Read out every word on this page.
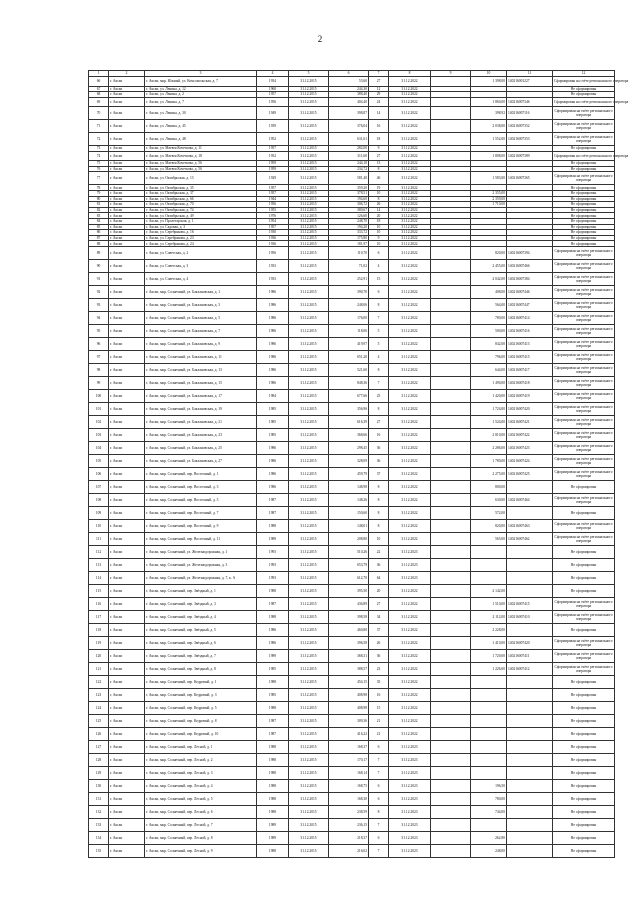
2
1	2	3	4	5	6	7	8	9	10	11	12
66	г. Аксаи	г. Аксаи, мкр. Южный, ул. Комсомольская, д. 7	1934	31.12.2015	53,60	27	31.12.2022		1 398,00	140216001227	Сформирован на счёте регионального оператора
67	г. Аксаи	г. Аксаи, ул. Ленина, д. 12	1960	31.12.2015	244,30	12	31.12.2022				Не сформирован
68	г. Аксаи	г. Аксаи, ул. Ленина, д. 2	1957	31.12.2015	388,40	29	31.12.2022				Не сформирован
69	г. Аксаи	г. Аксаи, ул. Ленина, д. 7	1956	31.12.2015	404,40	24	31.12.2022		1 860,00	140216007346	Сформирован на счёте регионального оператора
70	г. Аксаи	г. Аксаи, ул. Ленина, д. 30	1949	31.12.2015	398,87	14	31.12.2022		398,92	140216007116	Сформирован на счёте регионального оператора
71	г. Аксаи	г. Аксаи, ул. Ленина, д. 45	1939	31.12.2015	376,04	16	31.12.2022		2 038,00	140216007352	Сформирован на счёте регионального оператора
72	г. Аксаи	г. Аксаи, ул. Ленина, д. 48	1952	31.12.2015	631,61	18	31.12.2022		1 552,00	140216007353	Сформирован на счёте регионального оператора
73	г. Аксаи	г. Аксаи, ул. Матвея Кочеткова, д. 11	1957	31.12.2015	282,00	9	31.12.2022				Не сформирован
74	г. Аксаи	г. Аксаи, ул. Матвея Кочеткова, д. 18	1952	31.12.2015	311,60	27	31.12.2022		1 808,00	140216007389	Сформирован на счёте регионального оператора
75	г. Аксаи	г. Аксаи, ул. Матвея Кочеткова, д. 56	1959	31.12.2015	244,10	13	31.12.2022				Не сформирован
76	г. Аксаи	г. Аксаи, ул. Матвея Кочеткова, д. 56	1959	31.12.2015	234,72	8	31.12.2022				Не сформирован
77	г. Аксаи	г. Аксаи, ул. Октябрьская, д. 13	1929	31.12.2015	581,40	46	31.12.2022		1 583,00	140216007365	Сформирован на счёте регионального оператора
78	г. Аксаи	г. Аксаи, ул. Октябрьская, д. 35	1957	31.12.2015	359,20	19	31.12.2022				Не сформирован
79	г. Аксаи	г. Аксаи, ул. Октябрьская, д. 37	1957	31.12.2015	378,51	10	31.12.2022		2 355,00		Не сформирован
80	г. Аксаи	г. Аксаи, ул. Октябрьская, д. 66	1944	31.12.2015	194,60	8	31.12.2022		2 359,00		Не сформирован
81	г. Аксаи	г. Аксаи, ул. Октябрьская, д. 70	1956	31.12.2015	306,72	26	31.12.2022		1 710,00		Не сформирован
82	г. Аксаи	г. Аксаи, ул. Октябрьская, д. 74	1955	31.12.2015	380,67	14	31.12.2022				Не сформирован
83	г. Аксаи	г. Аксаи, ул. Октябрьская, д. 49	1976	31.12.2015	126,60	20	31.12.2022				Не сформирован
84	г. Аксаи	г. Аксаи, ул. Пролетарская, д. 1	1954	31.12.2015	248,70	18	31.12.2022				Не сформирован
85	г. Аксаи	г. Аксаи, ул. Садовая, д. 3	1957	31.12.2015	194,20	10	31.12.2022				Не сформирован
86	г. Аксаи	г. Аксаи, ул. Серебрякова, д. 16	1930	31.12.2015	333,72	10	31.12.2022				Не сформирован
87	г. Аксаи	г. Аксаи, ул. Серебрякова, д. 23	1936	31.12.2015	175,80	9	31.12.2022				Не сформирован
88	г. Аксаи	г. Аксаи, ул. Серебрякова, д. 24	1936	31.12.2015	181,97	10	31.12.2022				Не сформирован
89	г. Аксаи	г. Аксаи, ул. Советская, д. 2	1956	31.12.2015	110,70	6	31.12.2022		820,00	140216007394	Сформирован на счёте регионального оператора
90	г. Аксаи	г. Аксаи, ул. Советская, д. 3	1933	31.12.2015	71,02	4	31.12.2022		2 455,00	140216007466	Сформирован на счёте регионального оператора
91	г. Аксаи	г. Аксаи, ул. Советская, д. 4	1933	31.12.2015	252,91	15	31.12.2022		2 042,00	140216007384	Сформирован на счёте регионального оператора
92	г. Аксаи	г. Аксаи, мкр. Солнечный, ул. Баклановская, д. 1	1986	31.12.2015	390,70	6	31.12.2022		408,00	140216007446	Сформирован на счёте регионального оператора
93	г. Аксаи	г. Аксаи, мкр. Солнечный, ул. Баклановская, д. 3	1986	31.12.2015	248,06	8	31.12.2022		564,00	140216007447	Сформирован на счёте регионального оператора
94	г. Аксаи	г. Аксаи, мкр. Солнечный, ул. Баклановская, д. 5	1986	31.12.2015	176,00	7	31.12.2022		780,00	140216007414	Сформирован на счёте регионального оператора
95	г. Аксаи	г. Аксаи, мкр. Солнечный, ул. Баклановская, д. 7	1986	31.12.2015	118,06	5	31.12.2022		500,00	140216007416	Сформирован на счёте регионального оператора
96	г. Аксаи	г. Аксаи, мкр. Солнечный, ул. Баклановская, д. 9	1986	31.12.2015	419,97	5	31.12.2022		842,00	140216007413	Сформирован на счёте регионального оператора
97	г. Аксаи	г. Аксаи, мкр. Солнечный, ул. Баклановская, д. 11	1986	31.12.2015	651,20	4	31.12.2022		796,00	140216007415	Сформирован на счёте регионального оператора
98	г. Аксаи	г. Аксаи, мкр. Солнечный, ул. Баклановская, д. 13	1986	31.12.2015	521,60	8	31.12.2022		644,00	140216007417	Сформирован на счёте регионального оператора
99	г. Аксаи	г. Аксаи, мкр. Солнечный, ул. Баклановская, д. 15	1986	31.12.2015	848,36	7	31.12.2022		1 490,00	140216007418	Сформирован на счёте регионального оператора
100	г. Аксаи	г. Аксаи, мкр. Солнечный, ул. Баклановская, д. 17	1984	31.12.2015	677,66	25	31.12.2022		1 420,00	140216007419	Сформирован на счёте регионального оператора
101	г. Аксаи	г. Аксаи, мкр. Солнечный, ул. Баклановская, д. 19	1985	31.12.2015	356,96	8	31.12.2022		1 724,00	140216007420	Сформирован на счёте регионального оператора
102	г. Аксаи	г. Аксаи, мкр. Солнечный, ул. Баклановская, д. 21	1985	31.12.2015	616,39	27	31.12.2022		1 524,00	140216007421	Сформирован на счёте регионального оператора
103	г. Аксаи	г. Аксаи, мкр. Солнечный, ул. Баклановская, д. 23	1985	31.12.2015	368,66	16	31.12.2022		2 810,00	140216007422	Сформирован на счёте регионального оператора
104	г. Аксаи	г. Аксаи, мкр. Солнечный, ул. Баклановская, д. 25	1986	31.12.2015	298,45	36	31.12.2022		2 286,00	140216007423	Сформирован на счёте регионального оператора
105	г. Аксаи	г. Аксаи, мкр. Солнечный, ул. Баклановская, д. 27	1986	31.12.2015	328,09	36	31.12.2022		1 780,00	140216007424	Сформирован на счёте регионального оператора
106	г. Аксаи	г. Аксаи, мкр. Солнечный, пер. Восточный, д. 1	1986	31.12.2015	459,79	37	31.12.2022		2 275,00	140216007425	Сформирован на счёте регионального оператора
107	г. Аксаи	г. Аксаи, мкр. Солнечный, пер. Восточный, д. 3	1986	31.12.2015	148,98	8	31.12.2022		800,00		Не сформирован
108	г. Аксаи	г. Аксаи, мкр. Солнечный, пер. Восточный, д. 5	1987	31.12.2015	148,26	8	31.12.2022		630,00	140216007464	Сформирован на счёте регионального оператора
109	г. Аксаи	г. Аксаи, мкр. Солнечный, пер. Восточный, д. 7	1987	31.12.2015	150,60	8	31.12.2022		572,00		Не сформирован
110	г. Аксаи	г. Аксаи, мкр. Солнечный, пер. Восточный, д. 9	1988	31.12.2015	148,01	8	31.12.2022		820,00	140216007463	Сформирован на счёте регионального оператора
111	г. Аксаи	г. Аксаи, мкр. Солнечный, пер. Восточный, д. 11	1989	31.12.2015	208,80	10	31.12.2022		565,00	140216007462	Сформирован на счёте регионального оператора
112	г. Аксаи	г. Аксаи, мкр. Солнечный, ул. Железнодорожная, д. 1	1993	31.12.2015	510,26	22	31.12.2023				Не сформирован
113	г. Аксаи	г. Аксаи, мкр. Солнечный, ул. Железнодорожная, д. 3	1993	31.12.2015	653,79	36	31.12.2023				Не сформирован
114	г. Аксаи	г. Аксаи, мкр. Солнечный, ул. Железнодорожная, д. 7, к. А	1993	31.12.2015	612,70	64	31.12.2023				Не сформирован
115	г. Аксаи	г. Аксаи, мкр. Солнечный, пер. Звёздный, д. 1	1988	31.12.2015	395,50	20	31.12.2022		2 142,00		Не сформирован
116	г. Аксаи	г. Аксаи, мкр. Солнечный, пер. Звёздный, д. 3	1987	31.12.2015	436,89	27	31.12.2022		1 510,00	140216007415	Сформирован на счёте регионального оператора
117	г. Аксаи	г. Аксаи, мкр. Солнечный, пер. Звёздный, д. 4	1988	31.12.2015	398,58	34	31.12.2022		2 112,00	140216007410	Сформирован на счёте регионального оператора
118	г. Аксаи	г. Аксаи, мкр. Солнечный, пер. Звёздный, д. 5	1986	31.12.2015	460,80	37	31.12.2022		2 228,00		Не сформирован
119	г. Аксаи	г. Аксаи, мкр. Солнечный, пер. Звёздный, д. 6	1986	31.12.2015	396,58	26	31.12.2022		1 410,00	140216007420	Сформирован на счёте регионального оператора
120	г. Аксаи	г. Аксаи, мкр. Солнечный, пер. Звёздный, д. 7	1989	31.12.2015	368,31	36	31.12.2022		1 720,00	140216007411	Сформирован на счёте регионального оператора
121	г. Аксаи	г. Аксаи, мкр. Солнечный, пер. Звёздный, д. 8	1985	31.12.2015	388,57	23	31.12.2022		1 226,00	140216007412	Сформирован на счёте регионального оператора
122	г. Аксаи	г. Аксаи, мкр. Солнечный, пер. Кедровый, д. 1	1988	31.12.2015	454,15	35	31.12.2022				Не сформирован
123	г. Аксаи	г. Аксаи, мкр. Солнечный, пер. Кедровый, д. 3	1985	31.12.2015	408,98	16	31.12.2022				Не сформирован
124	г. Аксаи	г. Аксаи, мкр. Солнечный, пер. Кедровый, д. 5	1988	31.12.2015	408,98	15	31.12.2022				Не сформирован
125	г. Аксаи	г. Аксаи, мкр. Солнечный, пер. Кедровый, д. 8	1987	31.12.2015	309,36	21	31.12.2022				Не сформирован
126	г. Аксаи	г. Аксаи, мкр. Солнечный, пер. Кедровый, д. 10	1987	31.12.2015	416,22	21	31.12.2022				Не сформирован
127	г. Аксаи	г. Аксаи, мкр. Солнечный, пер. Лесной, д. 1	1988	31.12.2015	168,37	6	31.12.2023				Не сформирован
128	г. Аксаи	г. Аксаи, мкр. Солнечный, пер. Лесной, д. 2	1988	31.12.2015	170,17	7	31.12.2023				Не сформирован
129	г. Аксаи	г. Аксаи, мкр. Солнечный, пер. Лесной, д. 3	1988	31.12.2015	168,14	7	31.12.2023				Не сформирован
130	г. Аксаи	г. Аксаи, мкр. Солнечный, пер. Лесной, д. 4	1988	31.12.2015	168,75	6	31.12.2023		196,50		Не сформирован
131	г. Аксаи	г. Аксаи, мкр. Солнечный, пер. Лесной, д. 5	1988	31.12.2015	168,30	6	31.12.2023		780,00		Не сформирован
132	г. Аксаи	г. Аксаи, мкр. Солнечный, пер. Лесной, д. 6	1988	31.12.2015	238,59	8	31.12.2023		744,00		Не сформирован
133	г. Аксаи	г. Аксаи, мкр. Солнечный, пер. Лесной, д. 7	1989	31.12.2015	236,15	7	31.12.2023				Не сформирован
134	г. Аксаи	г. Аксаи, мкр. Солнечный, пер. Лесной, д. 8	1989	31.12.2015	218,37	6	31.12.2023		262,80		Не сформирован
135	г. Аксаи	г. Аксаи, мкр. Солнечный, пер. Лесной, д. 9	1988	31.12.2015	216,02	7	31.12.2023		248,00		Не сформирован
